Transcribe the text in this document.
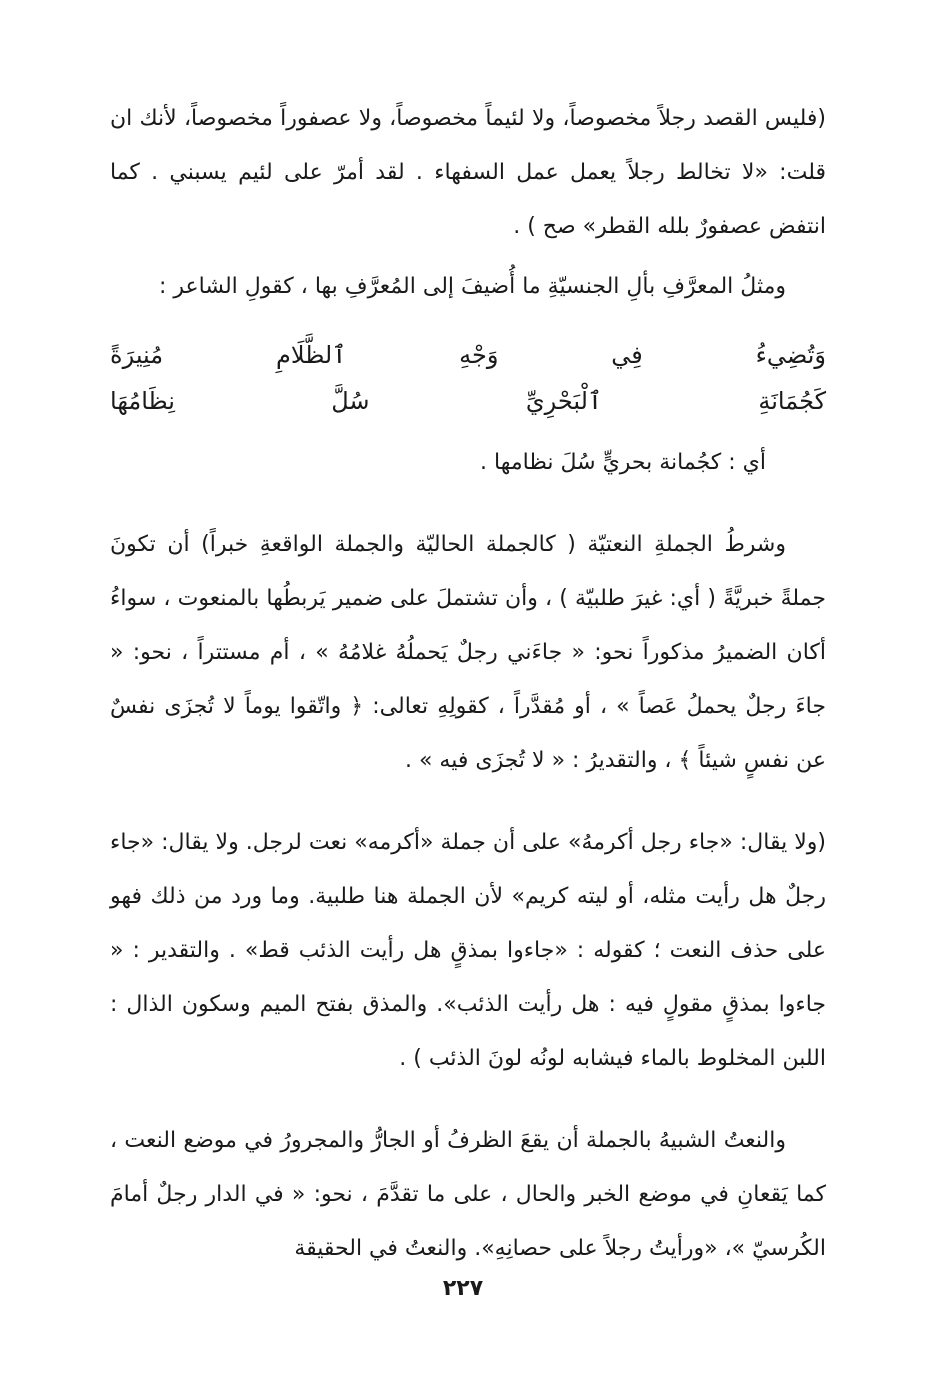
(فليس القصد رجلاً مخصوصاً، ولا لئيماً مخصوصاً، ولا عصفوراً مخصوصاً، لأنك ان قلت: «لا تخالط رجلاً يعمل عمل السفهاء . لقد أمرّ على لئيم يسبني . كما انتفض عصفورٌ بلله القطر» صح ) .

ومثلُ المعرَّفِ بألِ الجنسيّةِ ما أُضيفَ إلى المُعرَّفِ بها ، كقولِ الشاعر :

وَتُضِيءُ فِي وَجْهِ ٱلظَّلَامِ مُنِيرَةً

كَجُمَانَةِ ٱلْبَحْرِيِّ سُلَّ نِظَامُهَا

أي : كجُمانة بحريٍّ سُلَ نظامها .

وشرطُ الجملةِ النعتيّة ( كالجملة الحاليّة والجملة الواقعةِ خبراً) أن تكونَ جملةً خبريَّةً ( أي: غيرَ طلبيّة ) ، وأن تشتملَ على ضمير يَربطُها بالمنعوت ، سواءُ أكان الضميرُ مذكوراً نحو: « جاءَني رجلٌ يَحملُهُ غلامُهُ » ، أم مستتراً ، نحو: « جاءَ رجلٌ يحملُ عَصاً » ، أو مُقدَّراً ، كقولِهِ تعالى: ﴿ واتّقوا يوماً لا تُجزَى نفسٌ عن نفسٍ شيئاً ﴾ ، والتقديرُ : « لا تُجزَى فيه » .

(ولا يقال: «جاء رجل أكرمهُ» على أن جملة «أكرمه» نعت لرجل. ولا يقال: «جاء رجلٌ هل رأيت مثله، أو ليته كريم» لأن الجملة هنا طلبية. وما ورد من ذلك فهو على حذف النعت ؛ كقوله : «جاءوا بمذقٍ هل رأيت الذئب قط» . والتقدير : « جاءوا بمذقٍ مقولٍ فيه : هل رأيت الذئب». والمذق بفتح الميم وسكون الذال : اللبن المخلوط بالماء فيشابه لونُه لونَ الذئب ) .

والنعتُ الشبيهُ بالجملة أن يقعَ الظرفُ أو الجارُّ والمجرورُ في موضع النعت ، كما يَقعانِ في موضع الخبر والحال ، على ما تقدَّمَ ، نحو: « في الدار رجلٌ أمامَ الكُرسيّ »، «ورأيتُ رجلاً على حصانِهِ». والنعتُ في الحقيقة

٢٢٧
